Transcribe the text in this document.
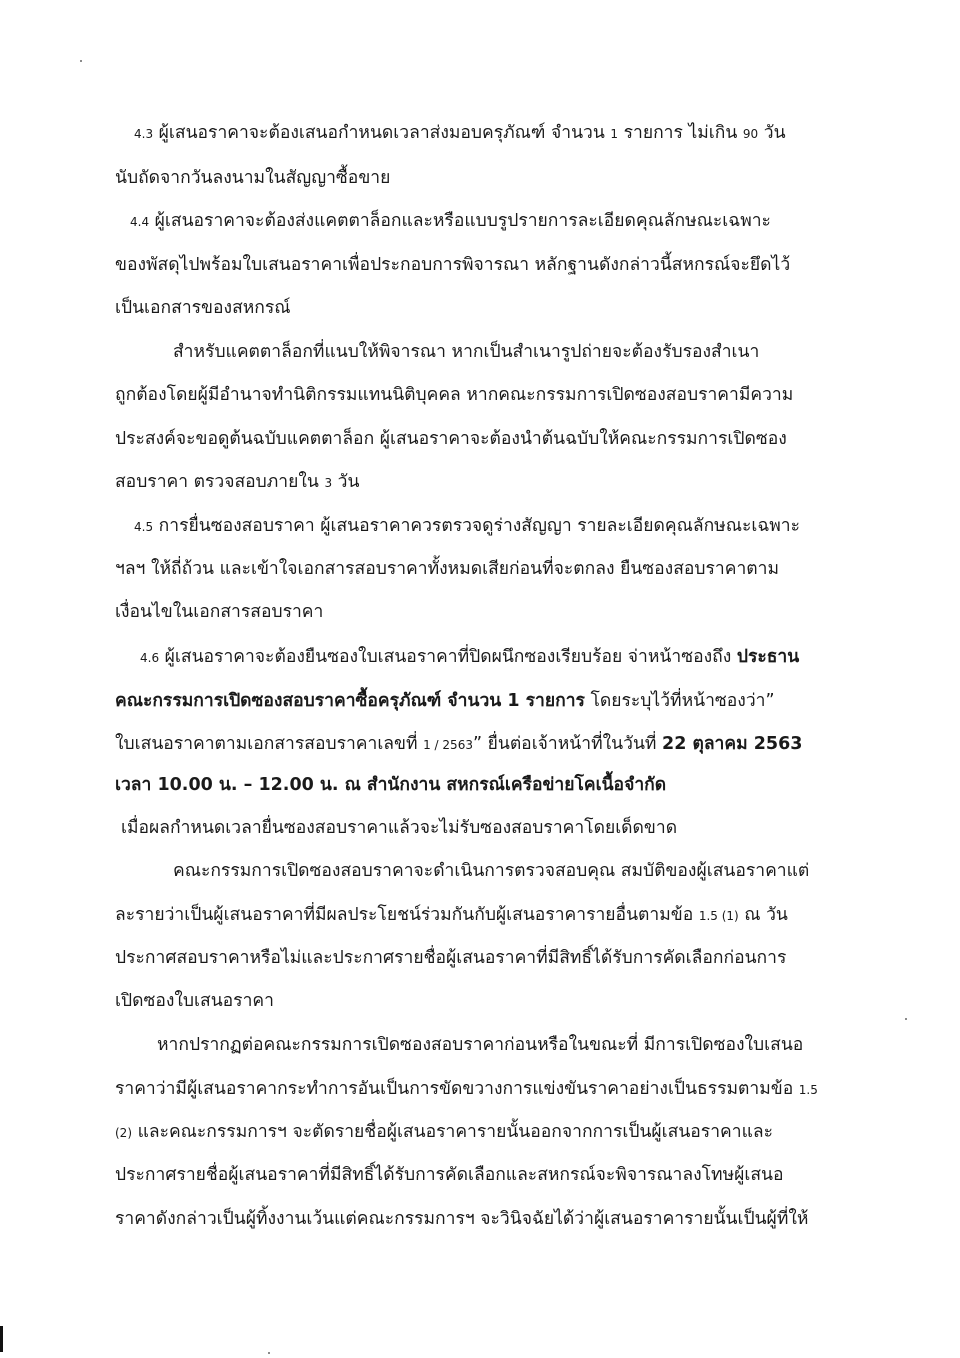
4.3 ผู้เสนอราคาจะต้องเสนอกำหนดเวลาส่งมอบครุภัณฑ์ จำนวน 1 รายการ ไม่เกิน 90 วัน
นับถัดจากวันลงนามในสัญญาซื้อขาย
4.4 ผู้เสนอราคาจะต้องส่งแคตตาล็อกและหรือแบบรูปรายการละเอียดคุณลักษณะเฉพาะ
ของพัสดุไปพร้อมใบเสนอราคาเพื่อประกอบการพิจารณา หลักฐานดังกล่าวนี้สหกรณ์จะยึดไว้
เป็นเอกสารของสหกรณ์
สำหรับแคตตาล็อกที่แนบให้พิจารณา หากเป็นสำเนารูปถ่ายจะต้องรับรองสำเนา
ถูกต้องโดยผู้มีอำนาจทำนิติกรรมแทนนิติบุคคล หากคณะกรรมการเปิดซองสอบราคามีความ
ประสงค์จะขอดูต้นฉบับแคตตาล็อก ผู้เสนอราคาจะต้องนำต้นฉบับให้คณะกรรมการเปิดซอง
สอบราคา ตรวจสอบภายใน 3 วัน
4.5 การยื่นซองสอบราคา ผู้เสนอราคาควรตรวจดูร่างสัญญา รายละเอียดคุณลักษณะเฉพาะ
ฯลฯ ให้ถี่ถ้วน และเข้าใจเอกสารสอบราคาทั้งหมดเสียก่อนที่จะตกลง ยืนซองสอบราคาตาม
เงื่อนไขในเอกสารสอบราคา
4.6 ผู้เสนอราคาจะต้องยืนซองใบเสนอราคาที่ปิดผนึกซองเรียบร้อย จ่าหน้าซองถึง ประธาน
คณะกรรมการเปิดซองสอบราคาซื้อครุภัณฑ์ จำนวน 1 รายการ โดยระบุไว้ที่หน้าซองว่า”
ใบเสนอราคาตามเอกสารสอบราคาเลขที่ 1 / 2563” ยื่นต่อเจ้าหน้าที่ในวันที่ 22 ตุลาคม 2563
เวลา 10.00 น. – 12.00 น. ณ สำนักงาน สหกรณ์เครือข่ายโคเนื้อจำกัด
เมื่อผลกำหนดเวลายื่นซองสอบราคาแล้วจะไม่รับซองสอบราคาโดยเด็ดขาด
คณะกรรมการเปิดซองสอบราคาจะดำเนินการตรวจสอบคุณ สมบัติของผู้เสนอราคาแต่
ละรายว่าเป็นผู้เสนอราคาที่มีผลประโยชน์ร่วมกันกับผู้เสนอราคารายอื่นตามข้อ 1.5 (1) ณ วัน
ประกาศสอบราคาหรือไม่และประกาศรายชื่อผู้เสนอราคาที่มีสิทธิ์ได้รับการคัดเลือกก่อนการ
เปิดซองใบเสนอราคา
หากปรากฏต่อคณะกรรมการเปิดซองสอบราคาก่อนหรือในขณะที่ มีการเปิดซองใบเสนอ
ราคาว่ามีผู้เสนอราคากระทำการอันเป็นการขัดขวางการแข่งขันราคาอย่างเป็นธรรมตามข้อ 1.5
(2) และคณะกรรมการฯ จะตัดรายชื่อผู้เสนอราคารายนั้นออกจากการเป็นผู้เสนอราคาและ
ประกาศรายชื่อผู้เสนอราคาที่มีสิทธิ์ได้รับการคัดเลือกและสหกรณ์จะพิจารณาลงโทษผู้เสนอ
ราคาดังกล่าวเป็นผู้ทิ้งงานเว้นแต่คณะกรรมการฯ จะวินิจฉัยได้ว่าผู้เสนอราคารายนั้นเป็นผู้ที่ให้
